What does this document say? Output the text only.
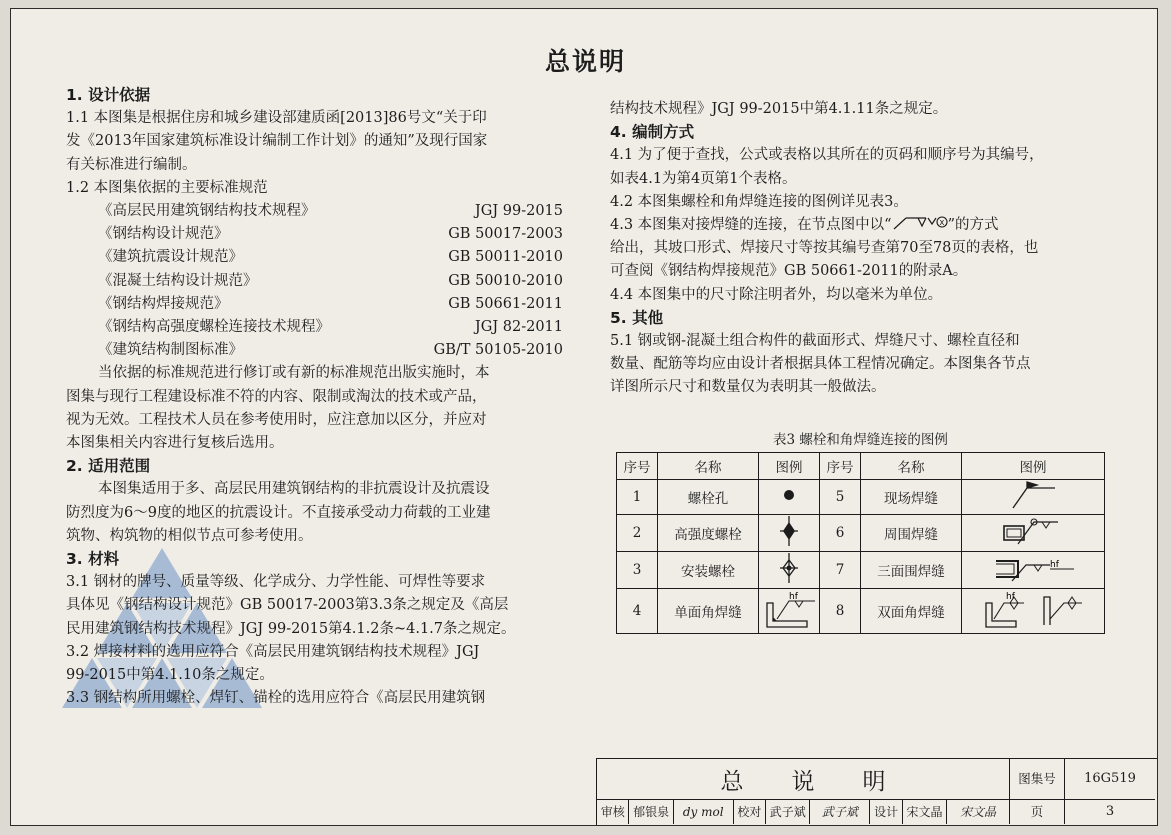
总说明

1. 设计依据

1.1 本图集是根据住房和城乡建设部建质函[2013]86号文“关于印

发《2013年国家建筑标准设计编制工作计划》的通知”及现行国家

有关标准进行编制。

1.2 本图集依据的主要标准规范

《高层民用建筑钢结构技术规程》	JGJ 99-2015

《钢结构设计规范》	GB 50017-2003

《建筑抗震设计规范》	GB 50011-2010

《混凝土结构设计规范》	GB 50010-2010

《钢结构焊接规范》	GB 50661-2011

《钢结构高强度螺栓连接技术规程》	JGJ 82-2011

《建筑结构制图标准》	GB/T 50105-2010

当依据的标准规范进行修订或有新的标准规范出版实施时，本

图集与现行工程建设标准不符的内容、限制或淘汰的技术或产品，

视为无效。工程技术人员在参考使用时，应注意加以区分，并应对

本图集相关内容进行复核后选用。

2. 适用范围

本图集适用于多、高层民用建筑钢结构的非抗震设计及抗震设

防烈度为6～9度的地区的抗震设计。不直接承受动力荷载的工业建

筑物、构筑物的相似节点可参考使用。

3. 材料

3.1 钢材的牌号、质量等级、化学成分、力学性能、可焊性等要求

具体见《钢结构设计规范》GB 50017-2003第3.3条之规定及《高层

民用建筑钢结构技术规程》JGJ 99-2015第4.1.2条~4.1.7条之规定。

3.2 焊接材料的选用应符合《高层民用建筑钢结构技术规程》JGJ

99-2015中第4.1.10条之规定。

3.3 钢结构所用螺栓、焊钉、锚栓的选用应符合《高层民用建筑钢

结构技术规程》JGJ 99-2015中第4.1.11条之规定。

4. 编制方式

4.1 为了便于查找，公式或表格以其所在的页码和顺序号为其编号，

如表4.1为第4页第1个表格。

4.2 本图集螺栓和角焊缝连接的图例详见表3。

4.3 本图集对接焊缝的连接，在节点图中以“	X ”的方式

给出，其坡口形式、焊接尺寸等按其编号查第70至78页的表格，也

可查阅《钢结构焊接规范》GB 50661-2011的附录A。

4.4 本图集中的尺寸除注明者外，均以毫米为单位。

5. 其他

5.1 钢或钢-混凝土组合构件的截面形式、焊缝尺寸、螺栓直径和

数量、配筋等均应由设计者根据具体工程情况确定。本图集各节点

详图所示尺寸和数量仅为表明其一般做法。

表3 螺栓和角焊缝连接的图例
序号	名称	图例	序号	名称	图例
1	螺栓孔		5	现场焊缝	
2	高强度螺栓		6	周围焊缝	
3	安装螺栓		7	三面围焊缝	hf

4	单面角焊缝	hf	8	双面角焊缝	hf
总 说 明	图集号	16G519
页	3
审核 郁银泉	dy mol	校对 武子斌	武子斌	设计 宋文晶	宋文晶
